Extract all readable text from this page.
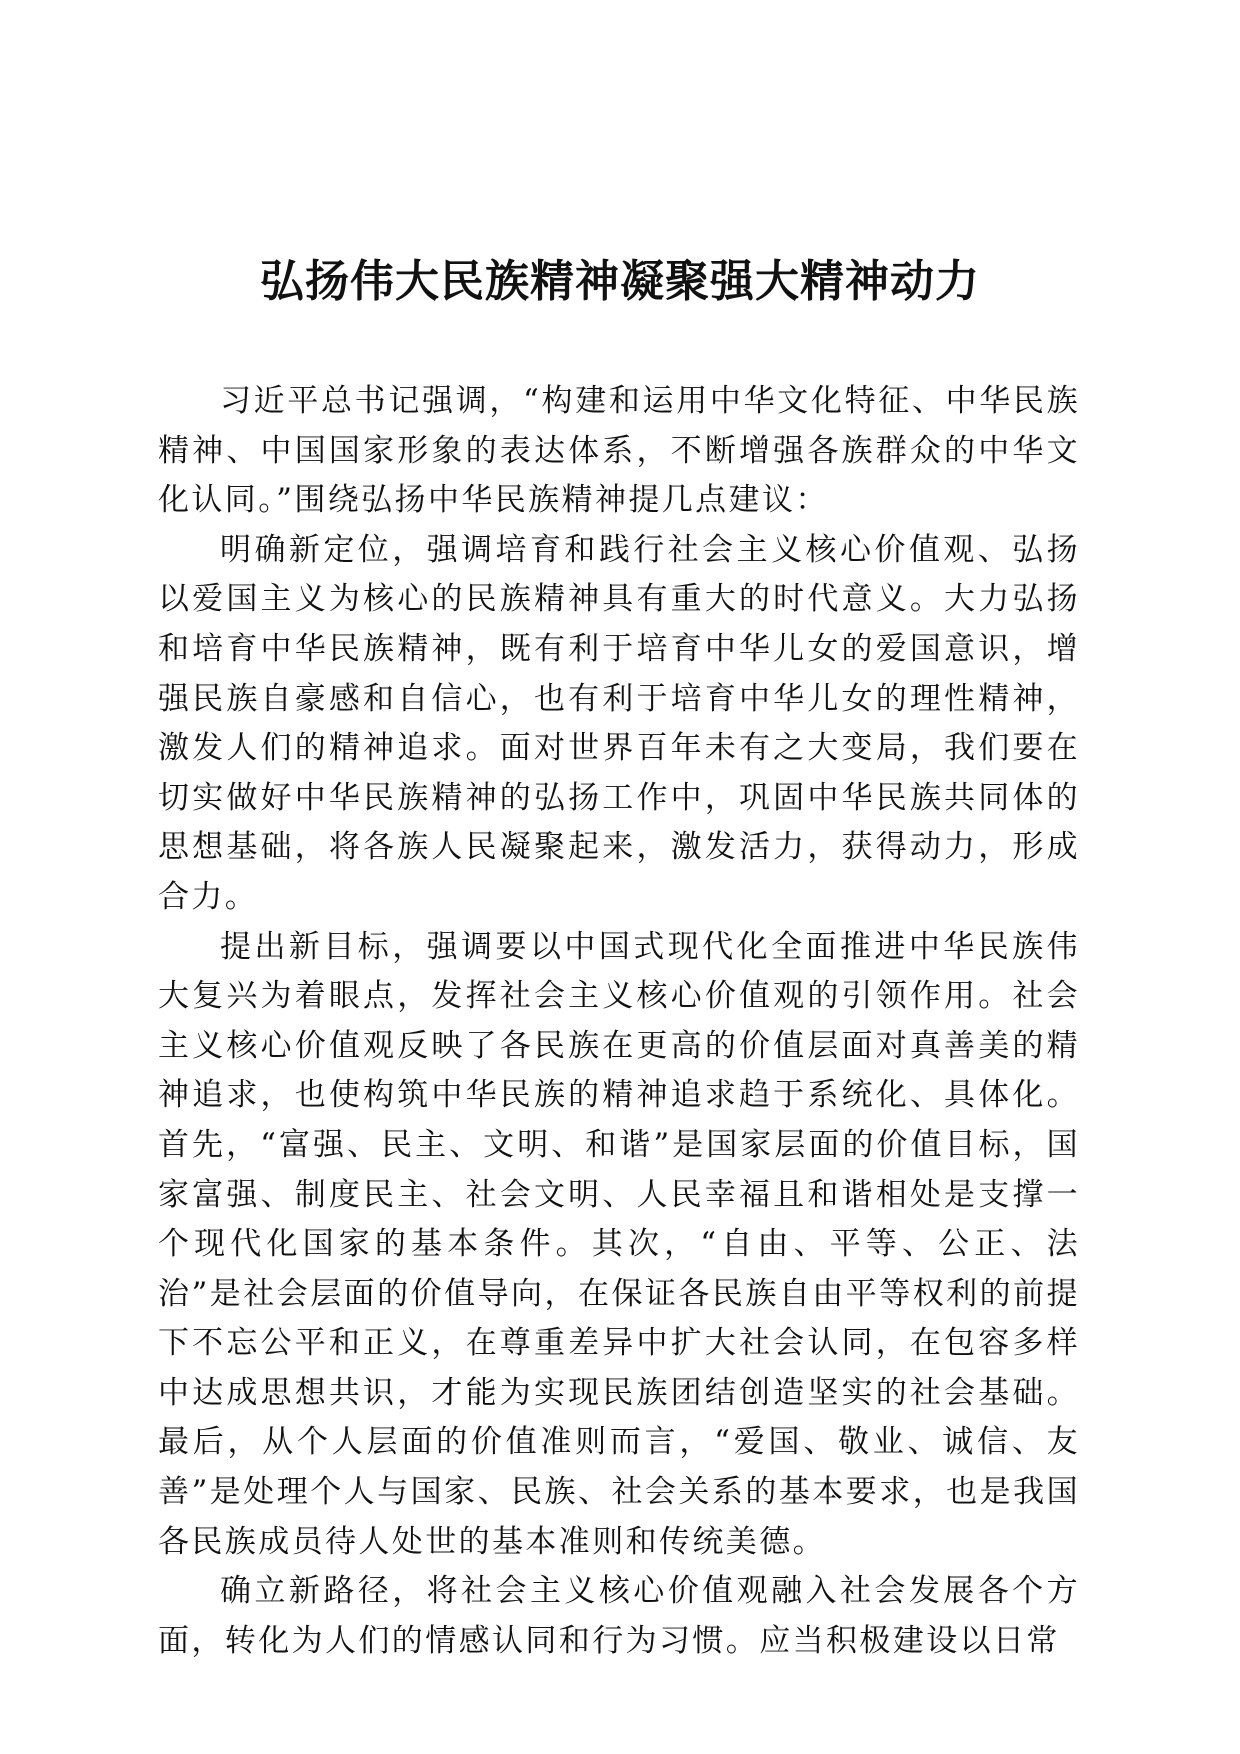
弘扬伟大民族精神凝聚强大精神动力

习近平总书记强调，“构建和运用中华文化特征、中华民族精神、中国国家形象的表达体系，不断增强各族群众的中华文化认同。”围绕弘扬中华民族精神提几点建议：

明确新定位，强调培育和践行社会主义核心价值观、弘扬以爱国主义为核心的民族精神具有重大的时代意义。大力弘扬和培育中华民族精神，既有利于培育中华儿女的爱国意识，增强民族自豪感和自信心，也有利于培育中华儿女的理性精神，激发人们的精神追求。面对世界百年未有之大变局，我们要在切实做好中华民族精神的弘扬工作中，巩固中华民族共同体的思想基础，将各族人民凝聚起来，激发活力，获得动力，形成合力。

提出新目标，强调要以中国式现代化全面推进中华民族伟大复兴为着眼点，发挥社会主义核心价值观的引领作用。社会主义核心价值观反映了各民族在更高的价值层面对真善美的精神追求，也使构筑中华民族的精神追求趋于系统化、具体化。首先，“富强、民主、文明、和谐”是国家层面的价值目标，国家富强、制度民主、社会文明、人民幸福且和谐相处是支撑一个现代化国家的基本条件。其次，“自由、平等、公正、法治”是社会层面的价值导向，在保证各民族自由平等权利的前提下不忘公平和正义，在尊重差异中扩大社会认同，在包容多样中达成思想共识，才能为实现民族团结创造坚实的社会基础。最后，从个人层面的价值准则而言，“爱国、敬业、诚信、友善”是处理个人与国家、民族、社会关系的基本要求，也是我国各民族成员待人处世的基本准则和传统美德。

确立新路径，将社会主义核心价值观融入社会发展各个方面，转化为人们的情感认同和行为习惯。应当积极建设以日常
